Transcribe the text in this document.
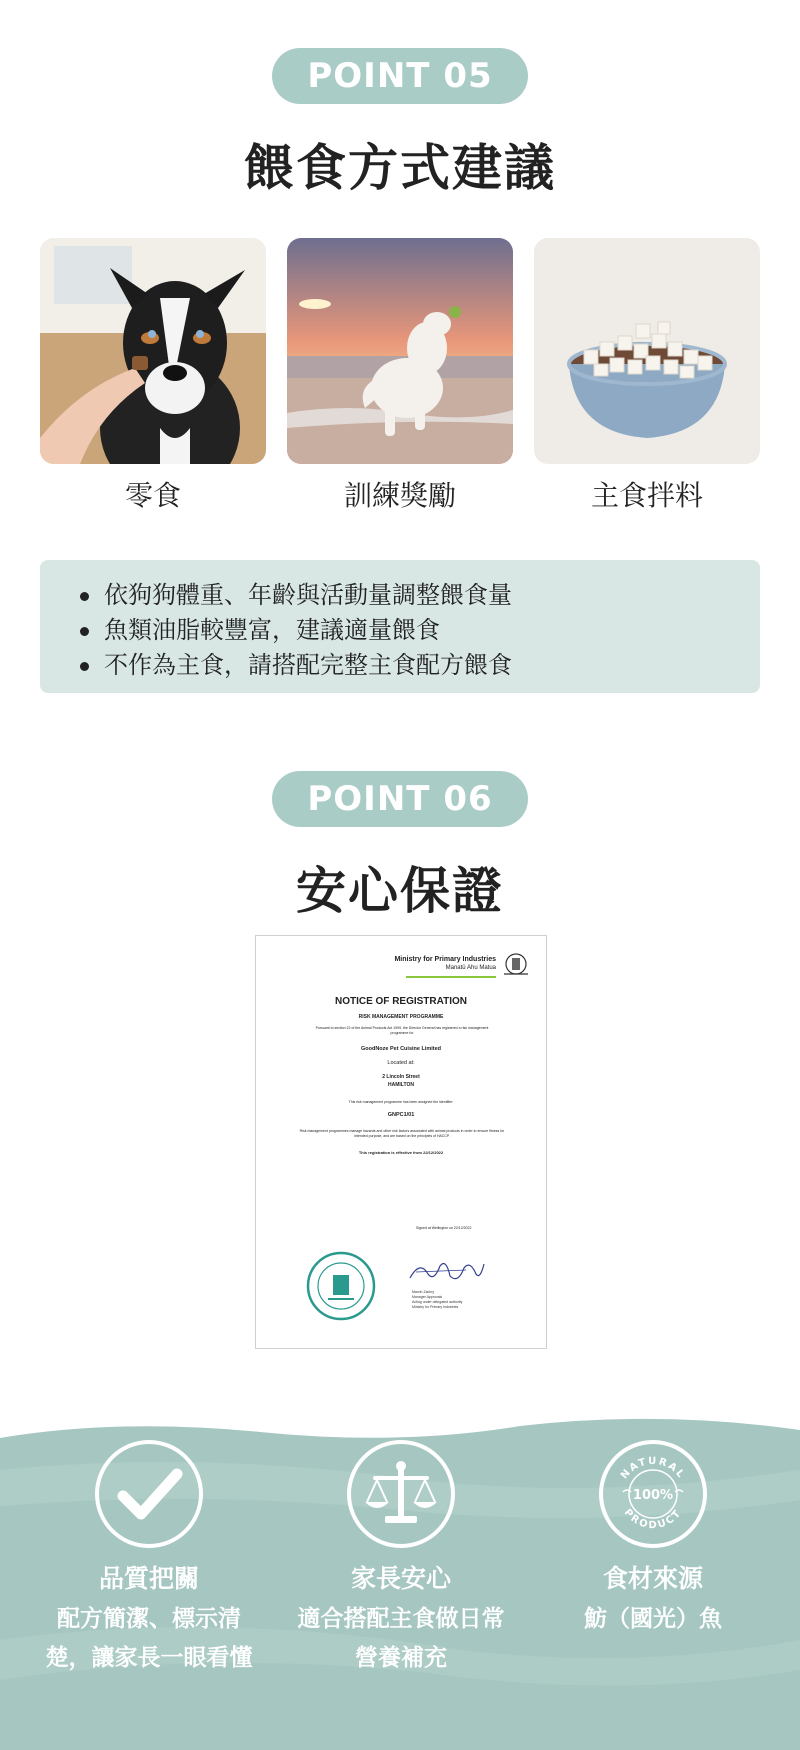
POINT 05
餵食方式建議
零食	訓練獎勵	主食拌料
依狗狗體重、年齡與活動量調整餵食量
魚類油脂較豐富，建議適量餵食
不作為主食，請搭配完整主食配方餵食
POINT 06
安心保證
Ministry for Primary Industries
Manatū Ahu Matua
NOTICE OF REGISTRATION
RISK MANAGEMENT PROGRAMME
Pursuant to section 22 of the Animal Products Act 1999, the Director General has registered a risk management programme for
GoodNoze Pet Cuisine Limited
Located at:
2 Lincoln Street
HAMILTON
This risk management programme has been assigned the identifier:
GNPC1/01
Risk management programmes manage hazards and other risk factors associated with animal products in order to ensure fitness for intended purpose, and are based on the principles of HACCP.
This registration is effective from 22/12/2022
Signed at Wellington on 22/12/2022
Marvin Zachry
Manager Approvals
Acting under delegated authority
Ministry for Primary Industries
品質把關
配方簡潔、標示清
楚，讓家長一眼看懂
家長安心
適合搭配主食做日常
營養補充
NATURAL
PRODUCT
100%
食材來源
魴（國光）魚
